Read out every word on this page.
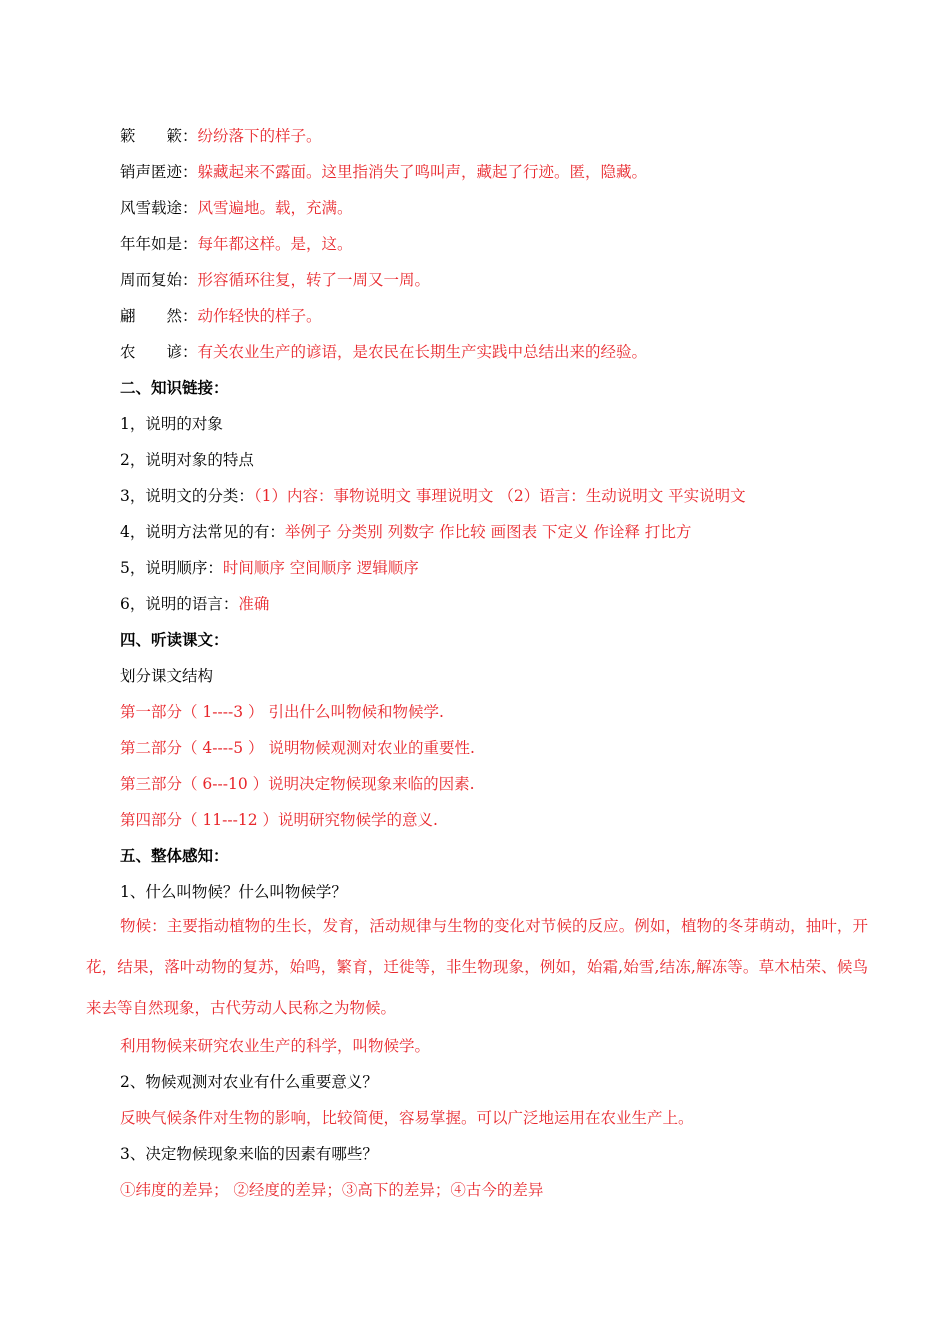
簌　　簌：纷纷落下的样子。
销声匿迹：躲藏起来不露面。这里指消失了鸣叫声，藏起了行迹。匿，隐藏。
风雪载途：风雪遍地。载，充满。
年年如是：每年都这样。是，这。
周而复始：形容循环往复，转了一周又一周。
翩　　然：动作轻快的样子。
农　　谚：有关农业生产的谚语，是农民在长期生产实践中总结出来的经验。
二、知识链接：
1，说明的对象
2，说明对象的特点
3，说明文的分类：（1）内容：事物说明文 事理说明文 （2）语言：生动说明文 平实说明文
4，说明方法常见的有：举例子 分类别 列数字 作比较 画图表 下定义 作诠释 打比方
5，说明顺序：时间顺序 空间顺序 逻辑顺序
6，说明的语言：准确
四、听读课文：
划分课文结构
第一部分（ 1----3 ） 引出什么叫物候和物候学.
第二部分（ 4----5 ） 说明物候观测对农业的重要性.
第三部分（ 6---10 ）说明决定物候现象来临的因素.
第四部分（ 11---12 ）说明研究物候学的意义.
五、整体感知：
1、什么叫物候？什么叫物候学？
物候：主要指动植物的生长，发育，活动规律与生物的变化对节候的反应。例如，植物的冬芽萌动，抽叶，开花，结果，落叶动物的复苏，始鸣，繁育，迁徙等，非生物现象，例如，始霜,始雪,结冻,解冻等。草木枯荣、候鸟来去等自然现象，古代劳动人民称之为物候。
利用物候来研究农业生产的科学，叫物候学。
2、物候观测对农业有什么重要意义？
反映气候条件对生物的影响，比较简便，容易掌握。可以广泛地运用在农业生产上。
3、决定物候现象来临的因素有哪些？
①纬度的差异； ②经度的差异；③高下的差异；④古今的差异
